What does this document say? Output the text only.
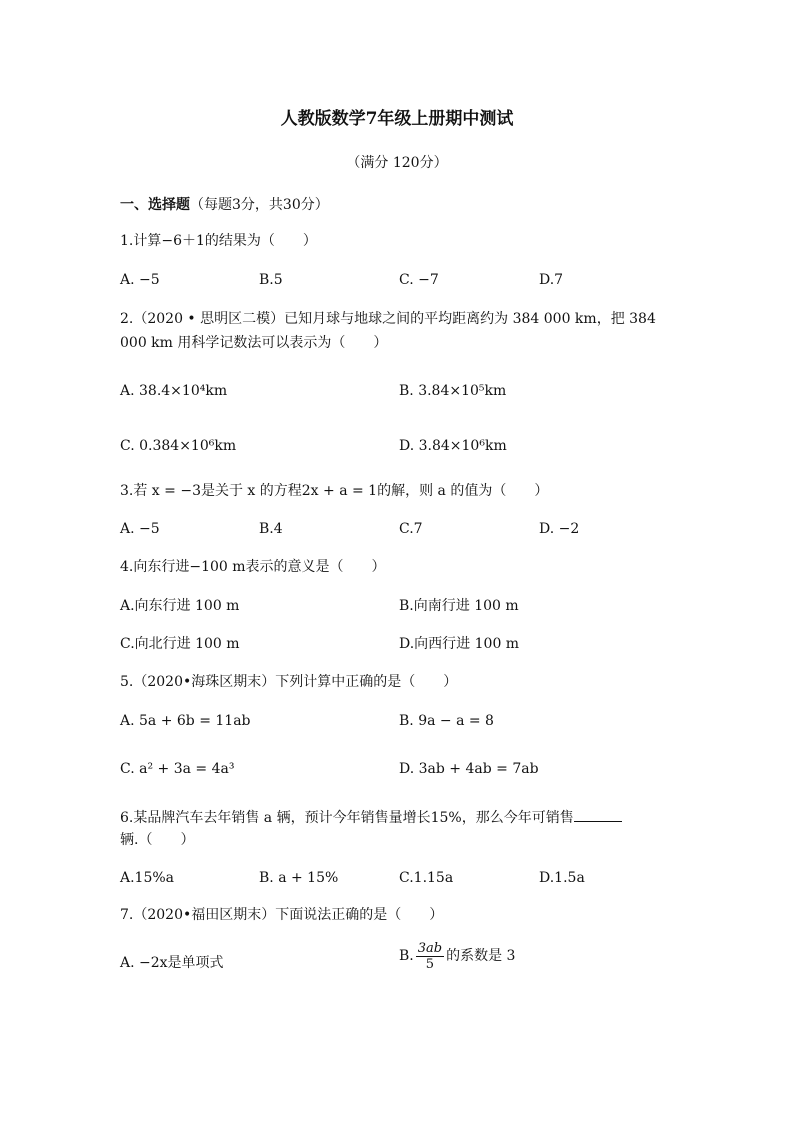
人教版数学7年级上册期中测试
（满分 120分）
一、选择题（每题3分，共30分）
1.计算−6＋1的结果为（　　）
A. −5	B.5	C. −7	D.7
2.（2020 • 思明区二模）已知月球与地球之间的平均距离约为 384 000 km，把 384
000 km 用科学记数法可以表示为（　　）
A. 38.4×10⁴km	B. 3.84×10⁵km
C. 0.384×10⁶km	D. 3.84×10⁶km
3.若 x = −3是关于 x 的方程2x + a = 1的解，则 a 的值为（　　）
A. −5	B.4	C.7	D. −2
4.向东行进−100 m表示的意义是（　　）
A.向东行进 100 m	B.向南行进 100 m
C.向北行进 100 m	D.向西行进 100 m
5.（2020•海珠区期末）下列计算中正确的是（　　）
A. 5a + 6b = 11ab	B. 9a − a = 8
C. a² + 3a = 4a³	D. 3ab + 4ab = 7ab
6.某品牌汽车去年销售 a 辆，预计今年销售量增长15%，那么今年可销售
辆.（　　）
A.15%a	B. a + 15%	C.1.15a	D.1.5a
7.（2020•福田区期末）下面说法正确的是（　　）
A. −2x是单项式	B. $\frac{3ab}{5}$ 的系数是 3
